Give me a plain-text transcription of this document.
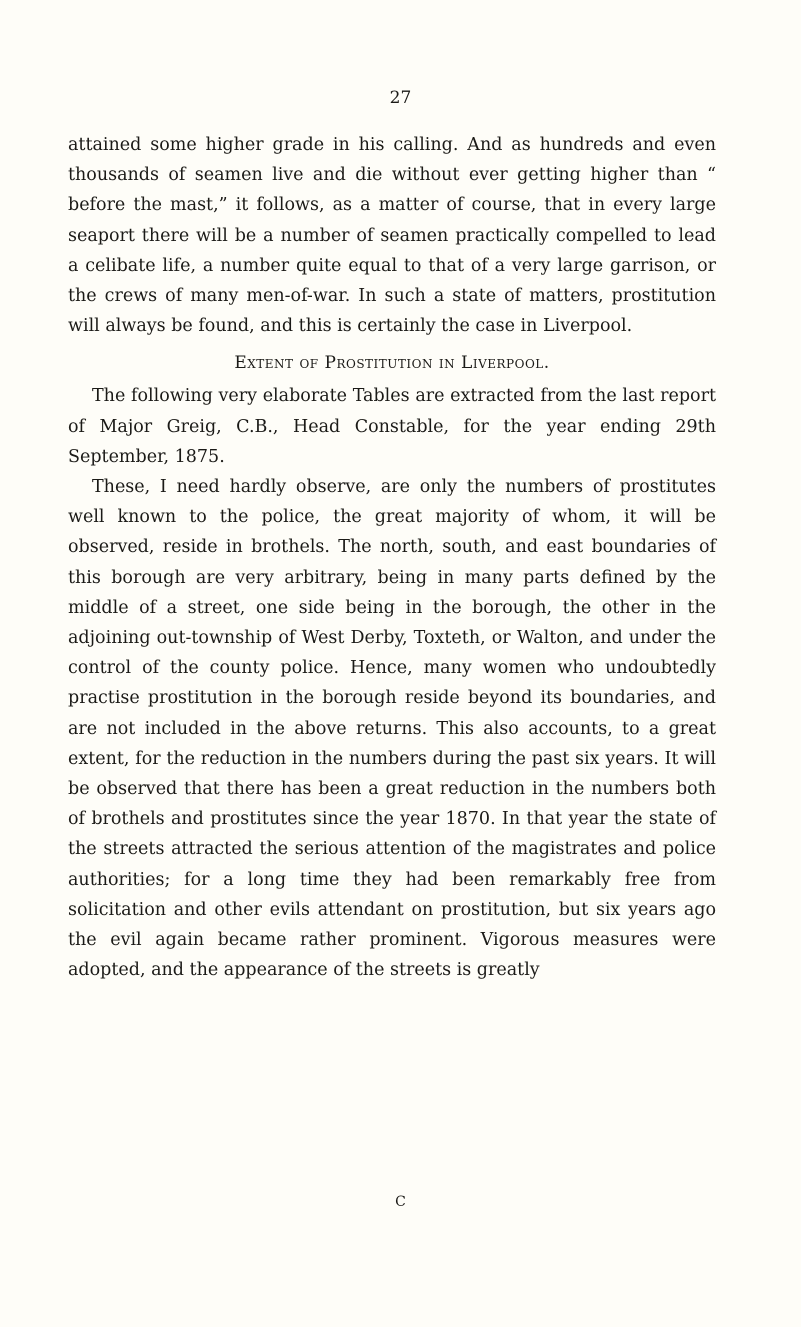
27

attained some higher grade in his calling. And as hundreds and even thousands of seamen live and die without ever getting higher than “ before the mast,” it follows, as a matter of course, that in every large seaport there will be a number of seamen practically compelled to lead a celibate life, a number quite equal to that of a very large garrison, or the crews of many men-of-war. In such a state of matters, prostitution will always be found, and this is certainly the case in Liverpool.

Extent of Prostitution in Liverpool.

The following very elaborate Tables are extracted from the last report of Major Greig, C.B., Head Constable, for the year ending 29th September, 1875.

These, I need hardly observe, are only the numbers of prostitutes well known to the police, the great majority of whom, it will be observed, reside in brothels. The north, south, and east boundaries of this borough are very arbitrary, being in many parts defined by the middle of a street, one side being in the borough, the other in the adjoining out-township of West Derby, Toxteth, or Walton, and under the control of the county police. Hence, many women who undoubtedly practise prostitution in the borough reside beyond its boundaries, and are not included in the above returns. This also accounts, to a great extent, for the reduction in the numbers during the past six years. It will be observed that there has been a great reduction in the numbers both of brothels and prostitutes since the year 1870. In that year the state of the streets attracted the serious attention of the magistrates and police authorities; for a long time they had been remarkably free from solicitation and other evils attendant on prostitution, but six years ago the evil again became rather prominent. Vigorous measures were adopted, and the appearance of the streets is greatly

C
